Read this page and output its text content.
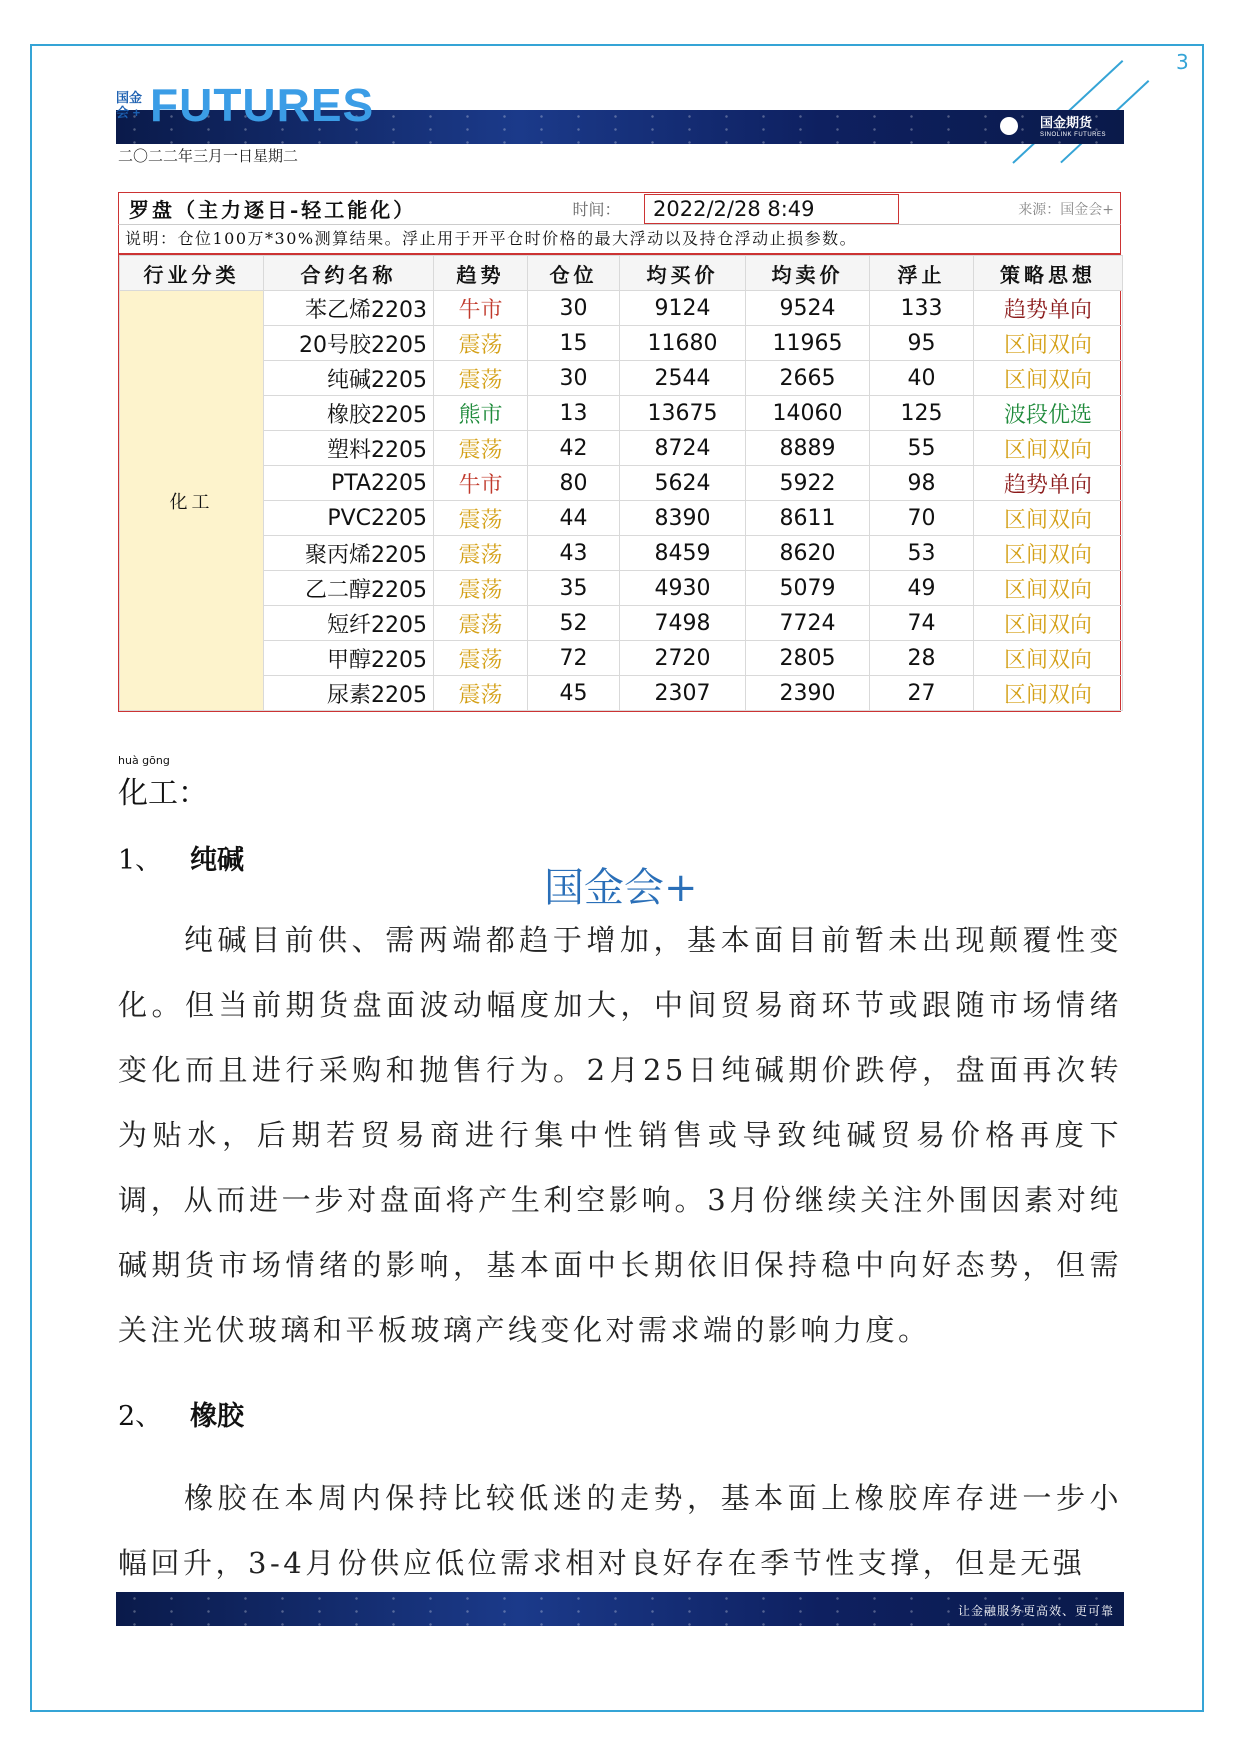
3
国金期货
SINOLINK FUTURES
国金
会 + FUTURES
二〇二二年三月一日星期二
罗盘（主力逐日-轻工能化）	时间：	2022/2/28 8:49	来源：国金会+
说明：仓位100万*30%测算结果。浮止用于开平仓时价格的最大浮动以及持仓浮动止损参数。
行业分类	合约名称	趋势	仓位	均买价	均卖价	浮止	策略思想
化工	苯乙烯2203	牛市	30	9124	9524	133	趋势单向
	20号胶2205	震荡	15	11680	11965	95	区间双向
	纯碱2205	震荡	30	2544	2665	40	区间双向
	橡胶2205	熊市	13	13675	14060	125	波段优选
	塑料2205	震荡	42	8724	8889	55	区间双向
	PTA2205	牛市	80	5624	5922	98	趋势单向
	PVC2205	震荡	44	8390	8611	70	区间双向
	聚丙烯2205	震荡	43	8459	8620	53	区间双向
	乙二醇2205	震荡	35	4930	5079	49	区间双向
	短纤2205	震荡	52	7498	7724	74	区间双向
	甲醇2205	震荡	72	2720	2805	28	区间双向
	尿素2205	震荡	45	2307	2390	27	区间双向
huà gōng
化工：
1、 纯碱
国金会+
纯碱目前供、需两端都趋于增加，基本面目前暂未出现颠覆性变化。但当前期货盘面波动幅度加大，中间贸易商环节或跟随市场情绪变化而且进行采购和抛售行为。2月25日纯碱期价跌停，盘面再次转为贴水，后期若贸易商进行集中性销售或导致纯碱贸易价格再度下调，从而进一步对盘面将产生利空影响。3月份继续关注外围因素对纯碱期货市场情绪的影响，基本面中长期依旧保持稳中向好态势，但需关注光伏玻璃和平板玻璃产线变化对需求端的影响力度。
2、 橡胶
橡胶在本周内保持比较低迷的走势，基本面上橡胶库存进一步小幅回升，3-4月份供应低位需求相对良好存在季节性支撑，但是无强
让金融服务更高效、更可靠
